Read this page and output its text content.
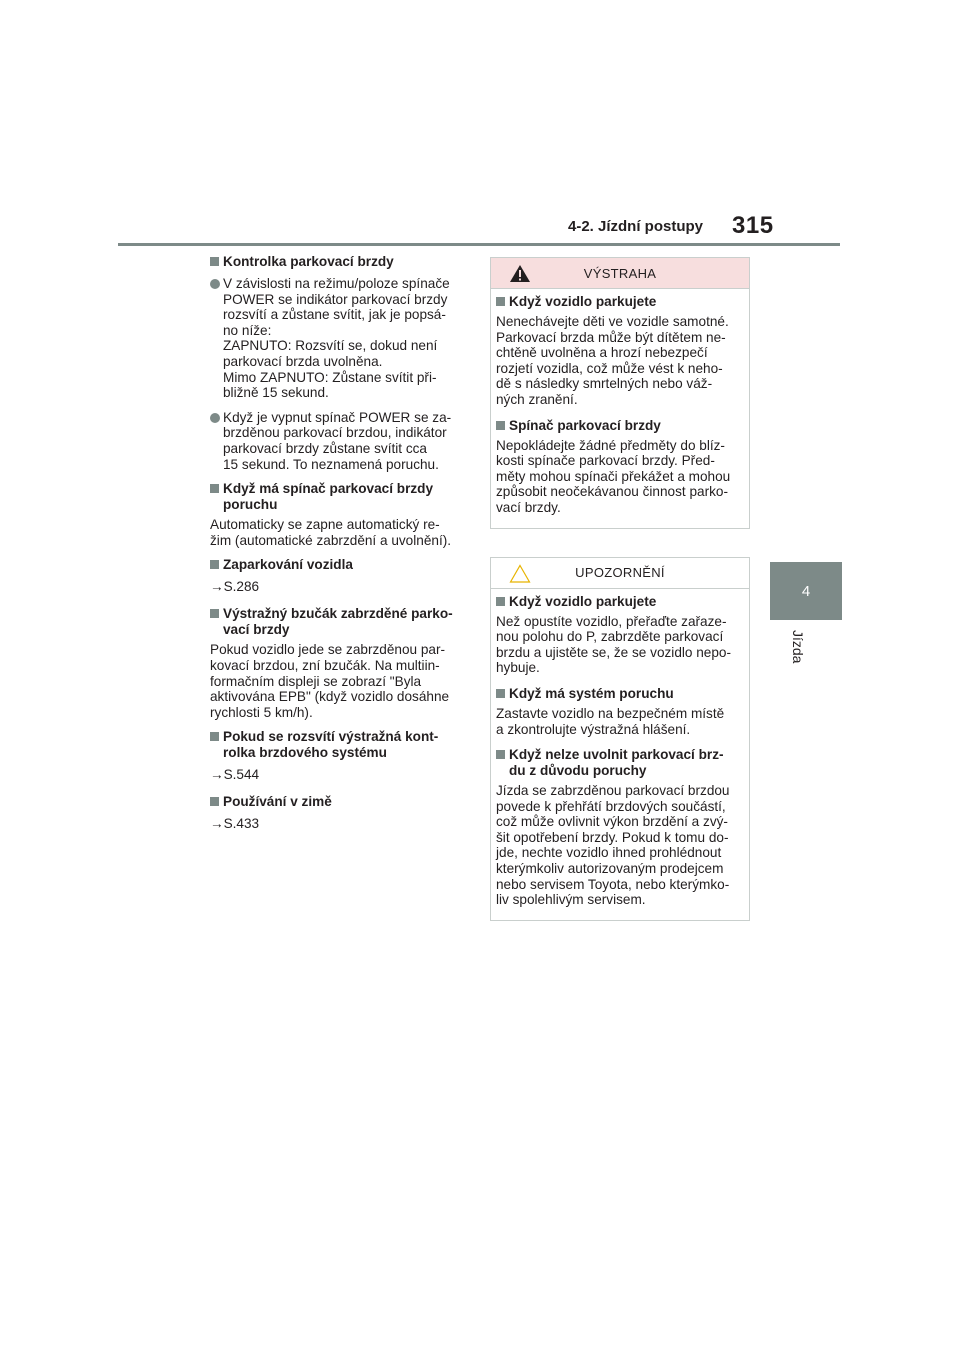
4-2. Jízdní postupy 315
4
Jízda
Kontrolka parkovací brzdy
V závislosti na režimu/poloze spínače
POWER se indikátor parkovací brzdy
rozsvítí a zůstane svítit, jak je popsá-
no níže:
ZAPNUTO: Rozsvítí se, dokud není
parkovací brzda uvolněna.
Mimo ZAPNUTO: Zůstane svítit při-
bližně 15 sekund.
Když je vypnut spínač POWER se za-
brzděnou parkovací brzdou, indikátor
parkovací brzdy zůstane svítit cca
15 sekund. To neznamená poruchu.
Když má spínač parkovací brzdy
poruchu
Automaticky se zapne automatický re-
žim (automatické zabrzdění a uvolnění).
Zaparkování vozidla
→S.286
Výstražný bzučák zabrzděné parko-
vací brzdy
Pokud vozidlo jede se zabrzděnou par-
kovací brzdou, zní bzučák. Na multiin-
formačním displeji se zobrazí "Byla
aktivována EPB" (když vozidlo dosáhne
rychlosti 5 km/h).
Pokud se rozsvítí výstražná kont-
rolka brzdového systému
→S.544
Používání v zimě
→S.433
VÝSTRAHA
Když vozidlo parkujete
Nenechávejte děti ve vozidle samotné.
Parkovací brzda může být dítětem ne-
chtěně uvolněna a hrozí nebezpečí
rozjetí vozidla, což může vést k neho-
dě s následky smrtelných nebo váž-
ných zranění.
Spínač parkovací brzdy
Nepokládejte žádné předměty do blíz-
kosti spínače parkovací brzdy. Před-
měty mohou spínači překážet a mohou
způsobit neočekávanou činnost parko-
vací brzdy.
UPOZORNĚNÍ
Když vozidlo parkujete
Než opustíte vozidlo, přeřaďte zařaze-
nou polohu do P, zabrzděte parkovací
brzdu a ujistěte se, že se vozidlo nepo-
hybuje.
Když má systém poruchu
Zastavte vozidlo na bezpečném místě
a zkontrolujte výstražná hlášení.
Když nelze uvolnit parkovací brz-
du z důvodu poruchy
Jízda se zabrzděnou parkovací brzdou
povede k přehřátí brzdových součástí,
což může ovlivnit výkon brzdění a zvý-
šit opotřebení brzdy. Pokud k tomu do-
jde, nechte vozidlo ihned prohlédnout
kterýmkoliv autorizovaným prodejcem
nebo servisem Toyota, nebo kterýmko-
liv spolehlivým servisem.
